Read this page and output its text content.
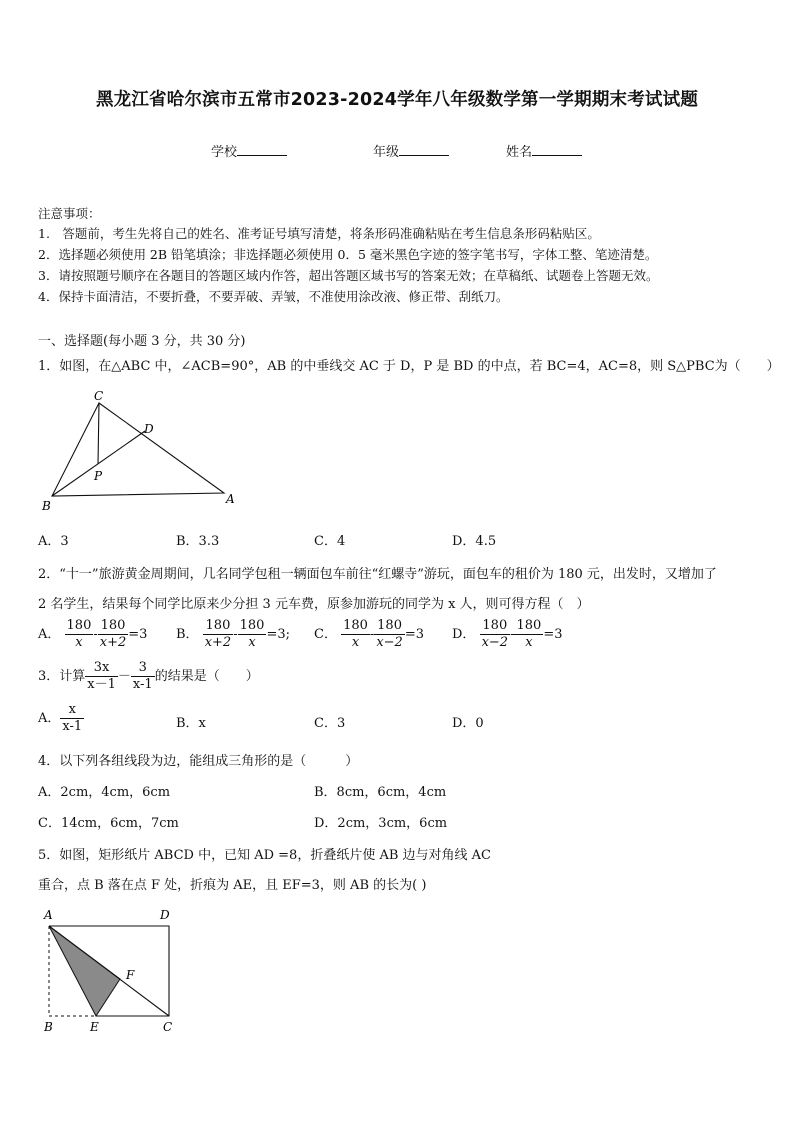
黑龙江省哈尔滨市五常市2023-2024学年八年级数学第一学期期末考试试题
学校	年级	姓名
注意事项：
1.　答题前，考生先将自己的姓名、准考证号填写清楚，将条形码准确粘贴在考生信息条形码粘贴区。
2．选择题必须使用 2B 铅笔填涂；非选择题必须使用 0．5 毫米黑色字迹的签字笔书写，字体工整、笔迹清楚。
3．请按照题号顺序在各题目的答题区域内作答，超出答题区域书写的答案无效；在草稿纸、试题卷上答题无效。
4．保持卡面清洁，不要折叠，不要弄破、弄皱，不准使用涂改液、修正带、刮纸刀。
一、选择题(每小题 3 分，共 30 分)
1．如图，在△ABC 中，∠ACB=90°，AB 的中垂线交 AC 于 D，P 是 BD 的中点，若 BC=4，AC=8，则 S△PBC为（　　）
C
D
P
B	A
A．3	B．3.3	C．4	D．4.5
2．“十一”旅游黄金周期间，几名同学包租一辆面包车前往“红螺寺”游玩，面包车的租价为 180 元，出发时，又增加了
2 名学生，结果每个同学比原来少分担 3 元车费，原参加游玩的同学为 x 人，则可得方程（　）
A． $\frac{180}{x} - \frac{180}{x+2} =3$ B． $\frac{180}{x+2} - \frac{180}{x} =3$; C． $\frac{180}{x} - \frac{180}{x-2} =3$ D． $\frac{180}{x-2} - \frac{180}{x} =3$
3．计算 $\frac{3x}{x-1} - \frac{3}{x-1}$ 的结果是（　　）
A． $\frac{x}{x-1}$	B．x	C．3	D．0
4．以下列各组线段为边，能组成三角形的是（　　　）
A．2cm，4cm，6cm	B．8cm，6cm，4cm
C．14cm，6cm，7cm	D．2cm，3cm，6cm
5．如图，矩形纸片 ABCD 中，已知 AD =8，折叠纸片使 AB 边与对角线 AC
重合，点 B 落在点 F 处，折痕为 AE，且 EF=3，则 AB 的长为( )
A	D
F
B	E	C
